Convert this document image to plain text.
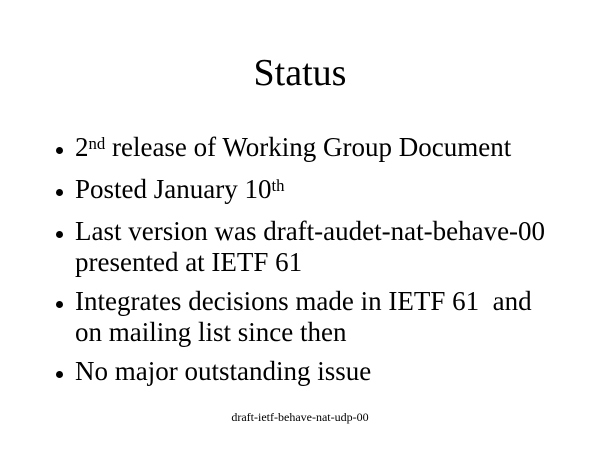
Status
2nd release of Working Group Document
Posted January 10th
Last version was draft-audet-nat-behave-00
presented at IETF 61
Integrates decisions made in IETF 61  and
on mailing list since then
No major outstanding issue
draft-ietf-behave-nat-udp-00
